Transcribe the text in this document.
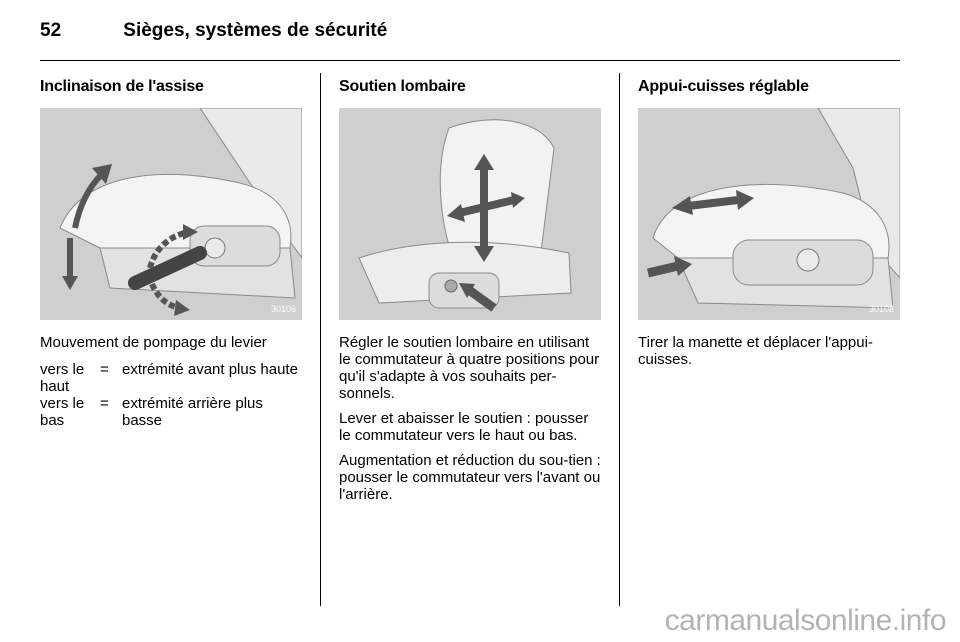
52	Sièges, systèmes de sécurité
Inclinaison de l'assise
30106

Mouvement de pompage du levier

vers le haut
= extrémité avant plus haute
vers le bas
= extrémité arrière plus basse
Soutien lombaire

Régler le soutien lombaire en utilisant le commutateur à quatre positions pour qu'il s'adapte à vos souhaits per-sonnels.

Lever et abaisser le soutien : pousser le commutateur vers le haut ou bas.

Augmentation et réduction du sou-tien : pousser le commutateur vers l'avant ou l'arrière.

Appui-cuisses réglable
30108

Tirer la manette et déplacer l'appui-cuisses.

carmanualsonline.info
